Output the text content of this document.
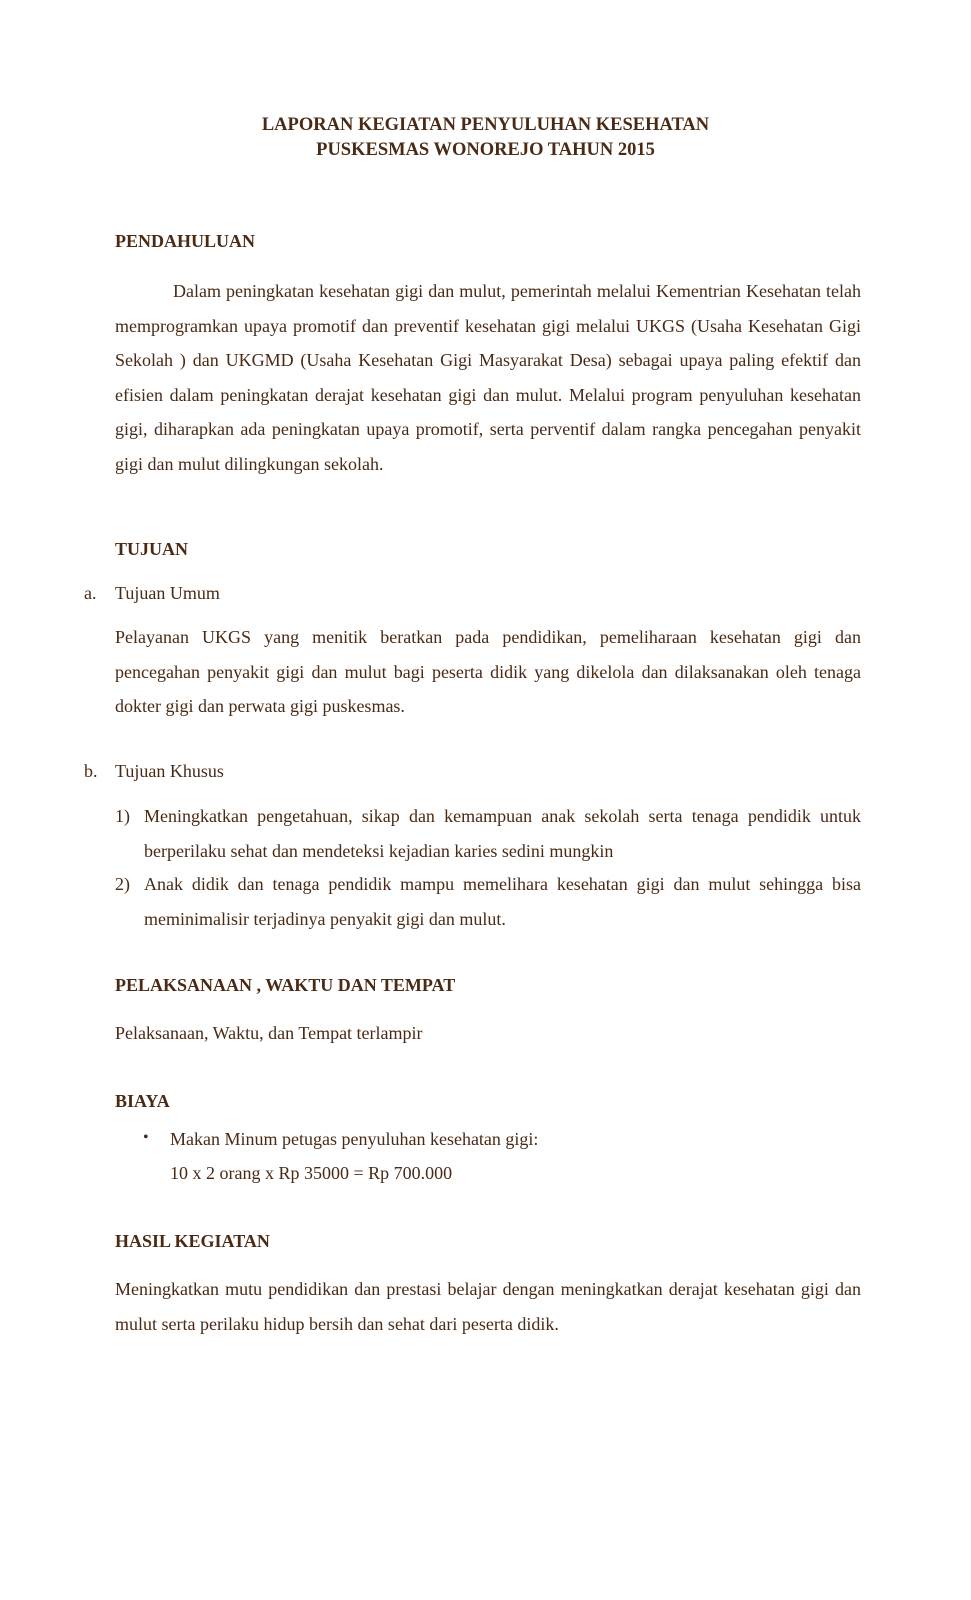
LAPORAN KEGIATAN PENYULUHAN KESEHATAN
PUSKESMAS WONOREJO TAHUN 2015
PENDAHULUAN
Dalam peningkatan kesehatan gigi dan mulut, pemerintah melalui Kementrian Kesehatan telah memprogramkan upaya promotif dan preventif kesehatan gigi melalui UKGS (Usaha Kesehatan Gigi Sekolah ) dan UKGMD (Usaha Kesehatan Gigi Masyarakat Desa) sebagai upaya paling efektif dan efisien dalam peningkatan derajat kesehatan gigi dan mulut. Melalui program penyuluhan kesehatan gigi, diharapkan ada peningkatan upaya promotif, serta perventif dalam rangka pencegahan penyakit gigi dan mulut dilingkungan sekolah.
TUJUAN
a. Tujuan Umum
Pelayanan UKGS yang menitik beratkan pada pendidikan, pemeliharaan kesehatan gigi dan pencegahan penyakit gigi dan mulut bagi peserta didik yang dikelola dan dilaksanakan oleh tenaga dokter gigi dan perwata gigi puskesmas.
b. Tujuan Khusus
1) Meningkatkan pengetahuan, sikap dan kemampuan anak sekolah serta tenaga pendidik untuk berperilaku sehat dan mendeteksi kejadian karies sedini mungkin
2) Anak didik dan tenaga pendidik mampu memelihara kesehatan gigi dan mulut sehingga bisa meminimalisir terjadinya penyakit gigi dan mulut.
PELAKSANAAN , WAKTU DAN TEMPAT
Pelaksanaan, Waktu, dan Tempat terlampir
BIAYA
• Makan Minum petugas penyuluhan kesehatan gigi:
10 x 2 orang x Rp 35000 = Rp 700.000
HASIL KEGIATAN
Meningkatkan mutu pendidikan dan prestasi belajar dengan meningkatkan derajat kesehatan gigi dan mulut serta perilaku hidup bersih dan sehat dari peserta didik.
